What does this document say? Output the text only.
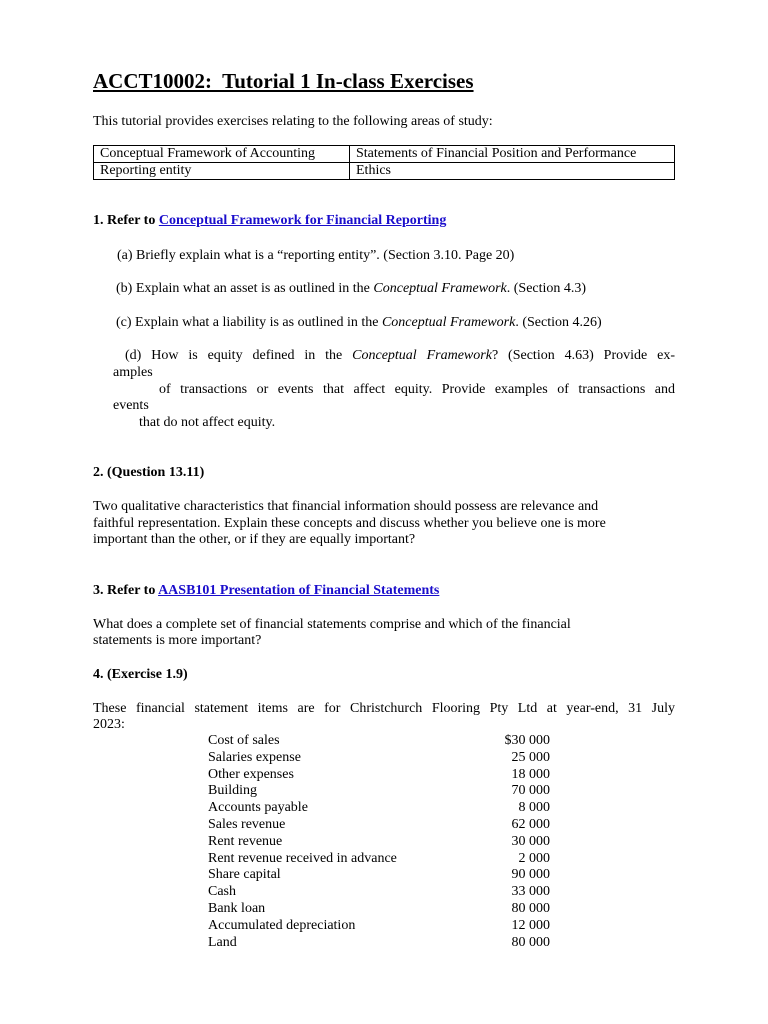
ACCT10002:  Tutorial 1 In-class Exercises

This tutorial provides exercises relating to the following areas of study:

Conceptual Framework of Accounting	Statements of Financial Position and Performance
Reporting entity	Ethics

1. Refer to Conceptual Framework for Financial Reporting

(a) Briefly explain what is a “reporting entity”. (Section 3.10. Page 20)

(b) Explain what an asset is as outlined in the Conceptual Framework. (Section 4.3)

(c) Explain what a liability is as outlined in the Conceptual Framework. (Section 4.26)

(d) How is equity defined in the Conceptual Framework? (Section 4.63) Provide ex-

amples

of transactions or events that affect equity. Provide examples of transactions and

events

that do not affect equity.

2. (Question 13.11)

Two qualitative characteristics that financial information should possess are relevance and

faithful representation. Explain these concepts and discuss whether you believe one is more

important than the other, or if they are equally important?

3. Refer to AASB101 Presentation of Financial Statements

What does a complete set of financial statements comprise and which of the financial

statements is more important?

4. (Exercise 1.9)

These financial statement items are for Christchurch Flooring Pty Ltd at year-end, 31 July

2023:

Cost of sales	$30 000
Salaries expense	25 000
Other expenses	18 000
Building	70 000
Accounts payable	8 000
Sales revenue	62 000
Rent revenue	30 000
Rent revenue received in advance	2 000
Share capital	90 000
Cash	33 000
Bank loan	80 000
Accumulated depreciation	12 000
Land	80 000
